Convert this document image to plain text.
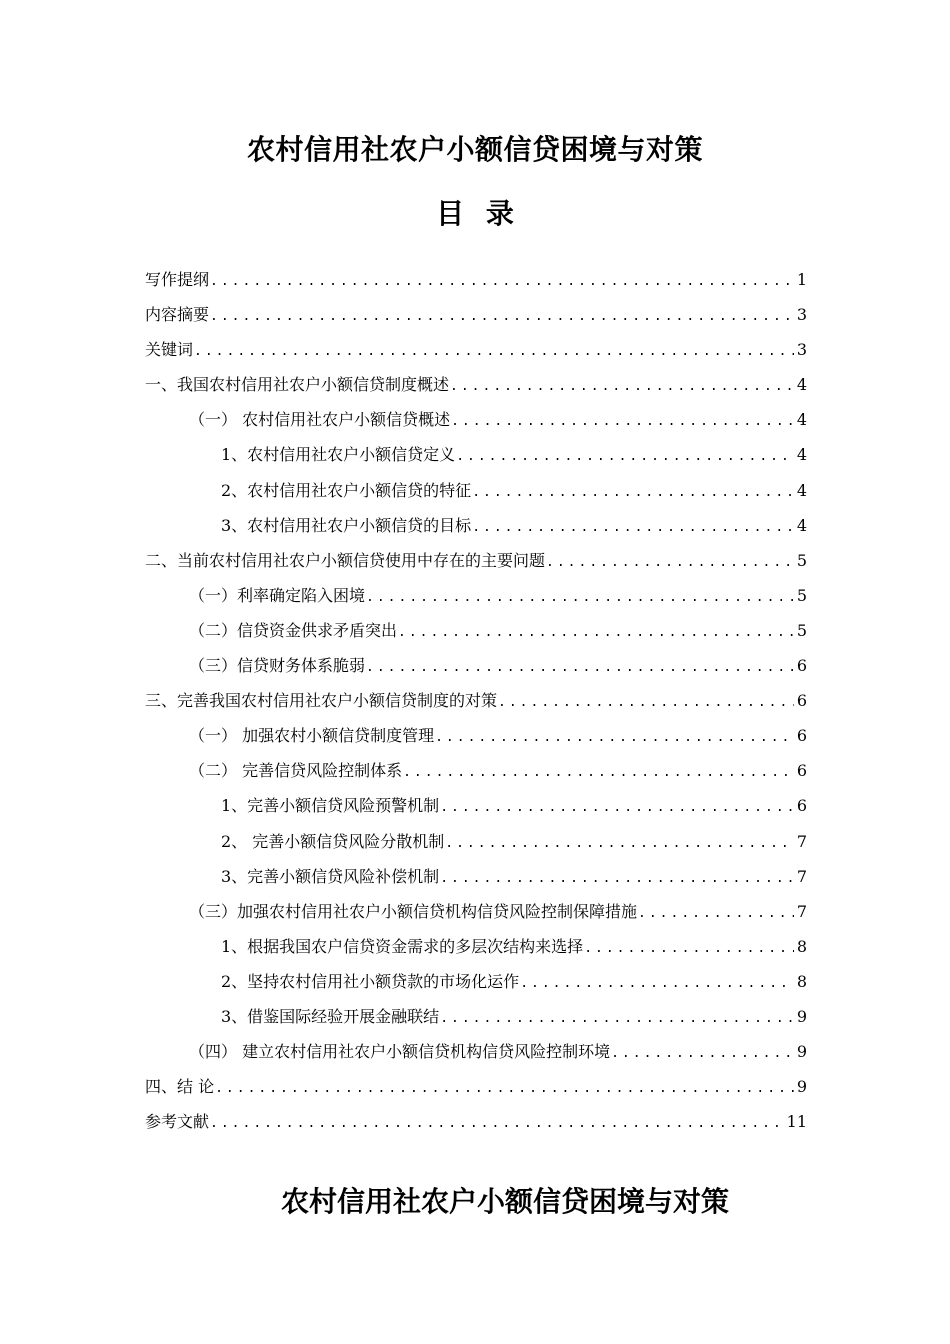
农村信用社农户小额信贷困境与对策
目 录
写作提纲 .....	1
内容摘要 .....	3
关键词 .....	3
一、我国农村信用社农户小额信贷制度概述 .....	4
（一） 农村信用社农户小额信贷概述 .....	4
1、农村信用社农户小额信贷定义 .....	4
2、农村信用社农户小额信贷的特征 .....	4
3、农村信用社农户小额信贷的目标 .....	4
二、当前农村信用社农户小额信贷使用中存在的主要问题 .....	5
（一）利率确定陷入困境 .....	5
（二）信贷资金供求矛盾突出 .....	5
（三）信贷财务体系脆弱 .....	6
三、完善我国农村信用社农户小额信贷制度的对策 .....	6
（一） 加强农村小额信贷制度管理 .....	6
（二） 完善信贷风险控制体系 .....	6
1、完善小额信贷风险预警机制 .....	6
2、 完善小额信贷风险分散机制 .....	7
3、完善小额信贷风险补偿机制 .....	7
（三）加强农村信用社农户小额信贷机构信贷风险控制保障措施 .....	7
1、根据我国农户信贷资金需求的多层次结构来选择 .....	8
2、坚持农村信用社小额贷款的市场化运作 .....	8
3、借鉴国际经验开展金融联结 .....	9
（四） 建立农村信用社农户小额信贷机构信贷风险控制环境 .....	9
四、结 论 .....	9
参考文献 .....	11
农村信用社农户小额信贷困境与对策
